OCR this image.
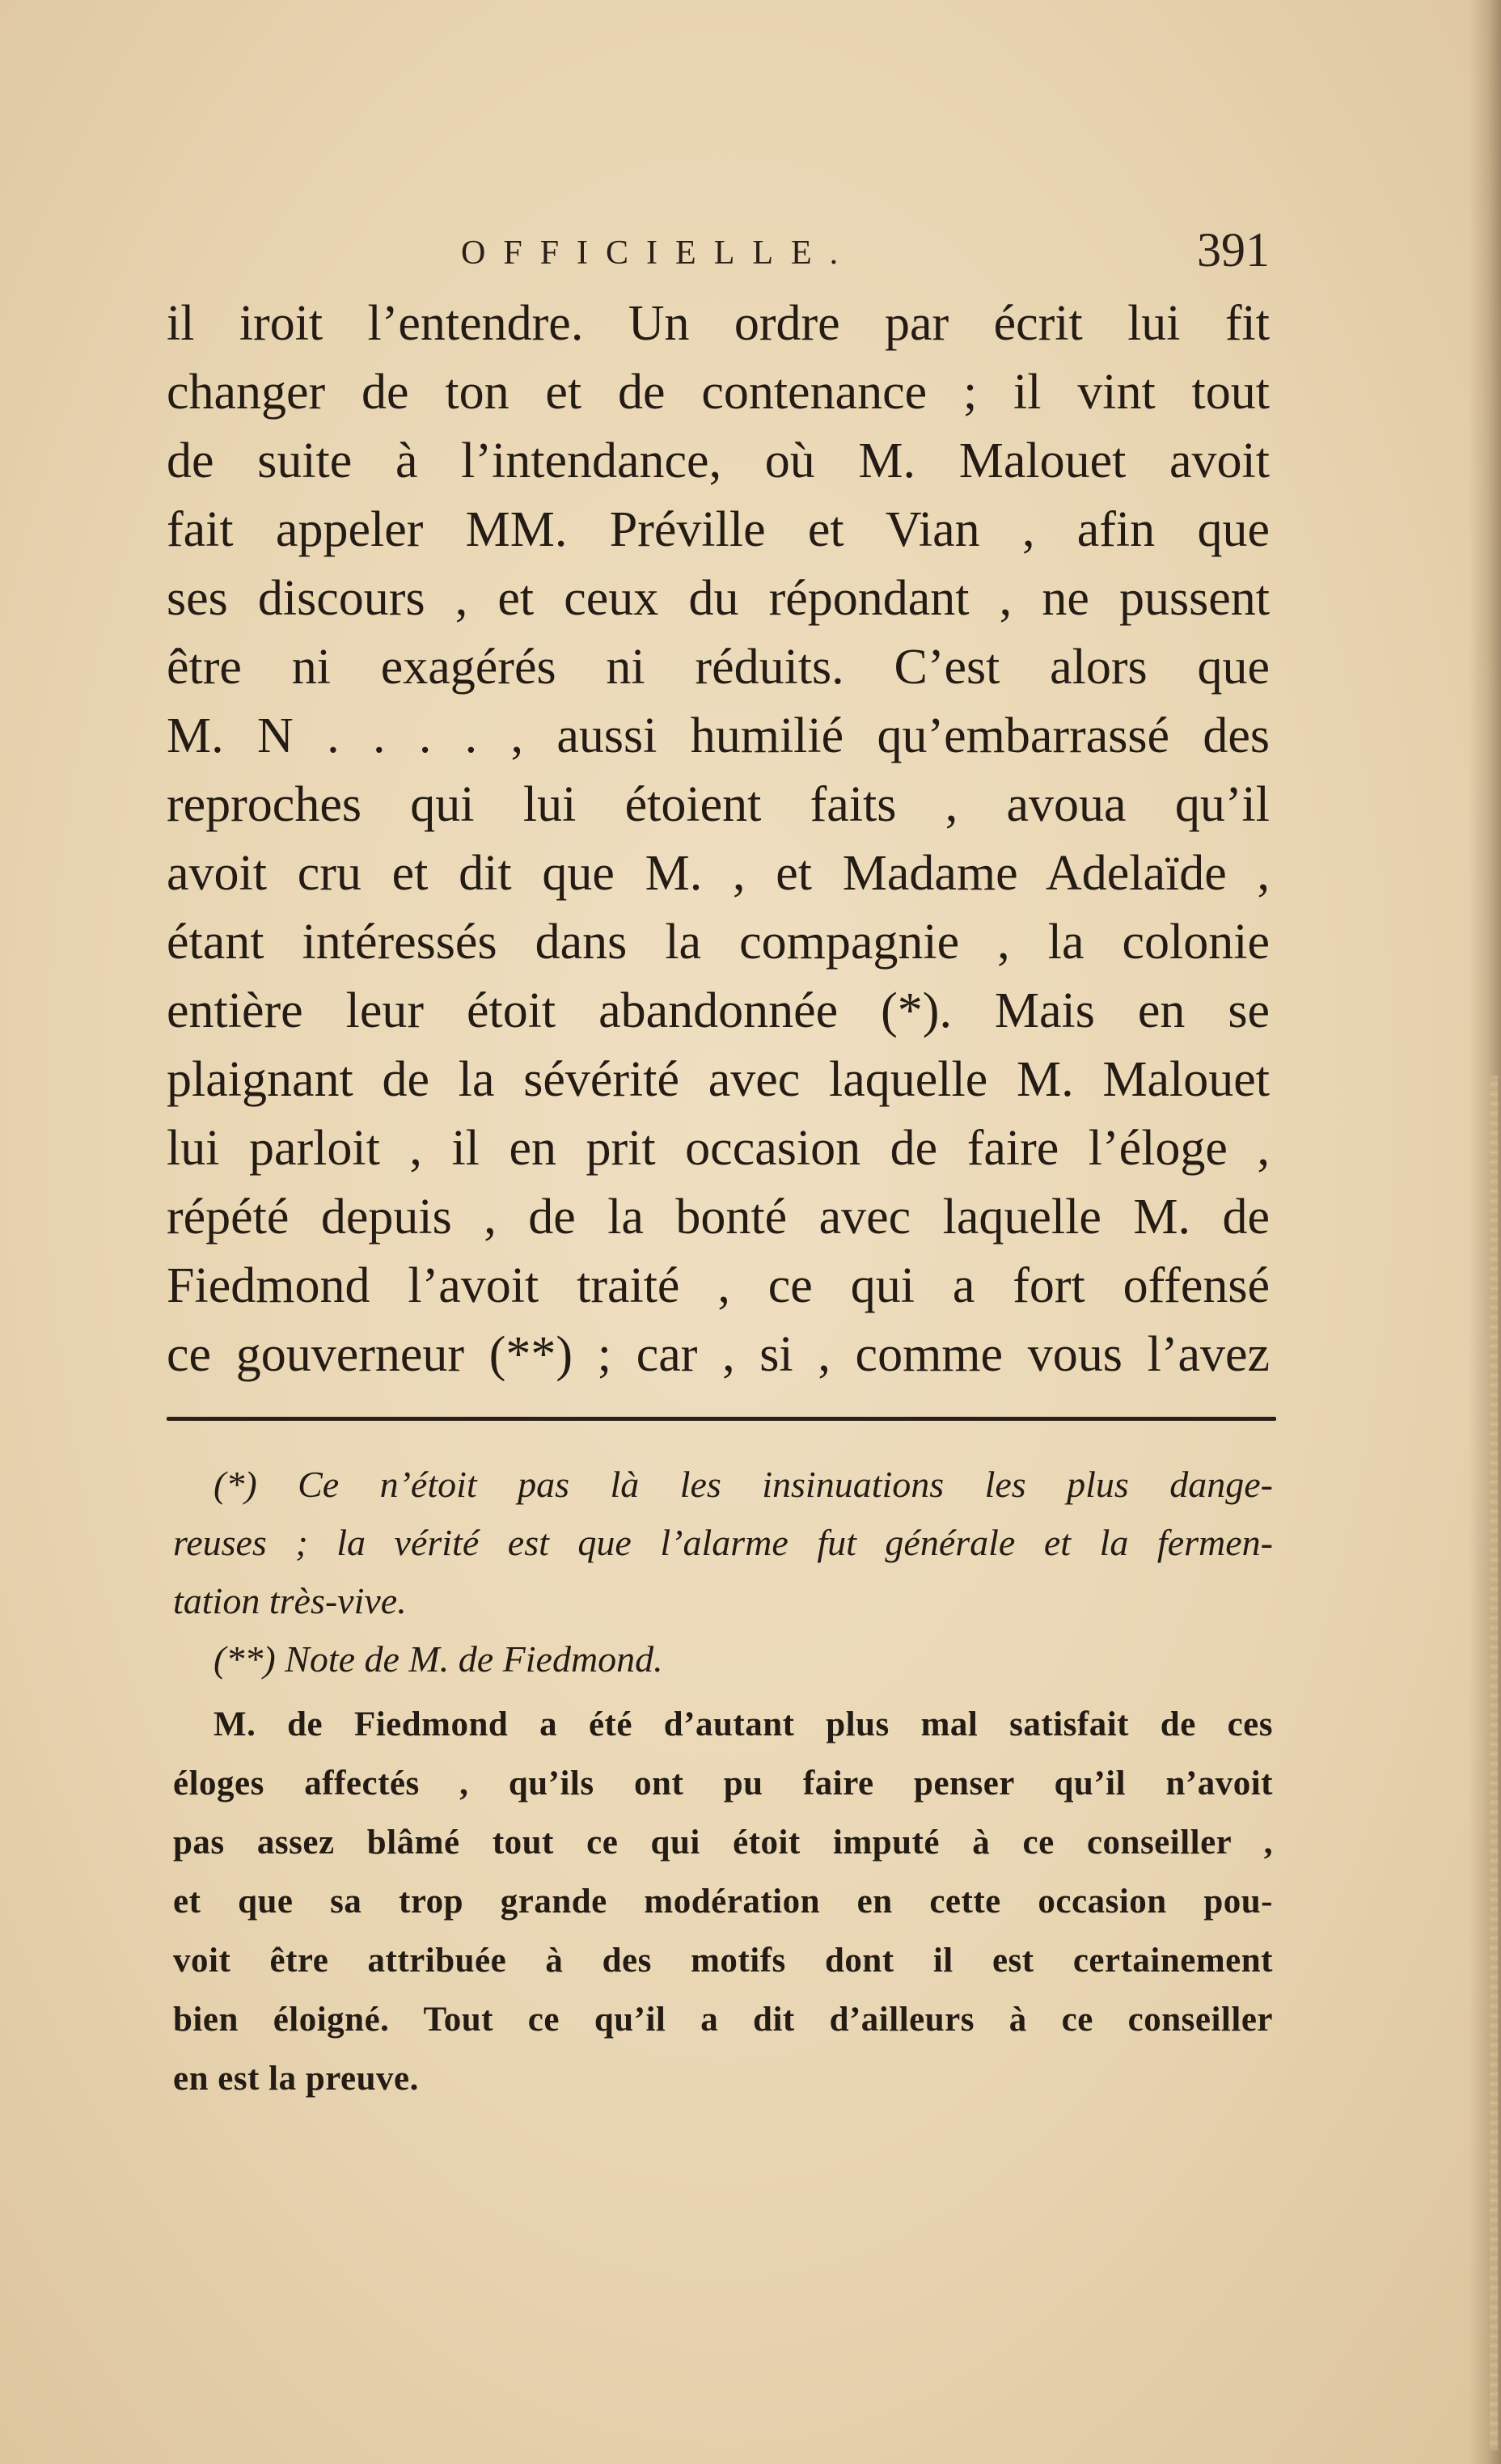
OFFICIELLE.	391
il iroit l’entendre. Un ordre par écrit lui fit
changer de ton et de contenance ; il vint tout
de suite à l’intendance, où M. Malouet avoit
fait appeler MM. Préville et Vian , afin que
ses discours , et ceux du répondant , ne pussent
être ni exagérés ni réduits. C’est alors que
M. N . . . . , aussi humilié qu’embarrassé des
reproches qui lui étoient faits , avoua qu’il
avoit cru et dit que M. , et Madame Adelaïde ,
étant intéressés dans la compagnie , la colonie
entière leur étoit abandonnée (*). Mais en se
plaignant de la sévérité avec laquelle M. Malouet
lui parloit , il en prit occasion de faire l’éloge ,
répété depuis , de la bonté avec laquelle M. de
Fiedmond l’avoit traité , ce qui a fort offensé
ce gouverneur (**) ; car , si , comme vous l’avez
(*) Ce n’étoit pas là les insinuations les plus dange-
reuses ; la vérité est que l’alarme fut générale et la fermen-
tation très-vive.
(**) Note de M. de Fiedmond.
M. de Fiedmond a été d’autant plus mal satisfait de ces
éloges affectés , qu’ils ont pu faire penser qu’il n’avoit
pas assez blâmé tout ce qui étoit imputé à ce conseiller ,
et que sa trop grande modération en cette occasion pou-
voit être attribuée à des motifs dont il est certainement
bien éloigné. Tout ce qu’il a dit d’ailleurs à ce conseiller
en est la preuve.
